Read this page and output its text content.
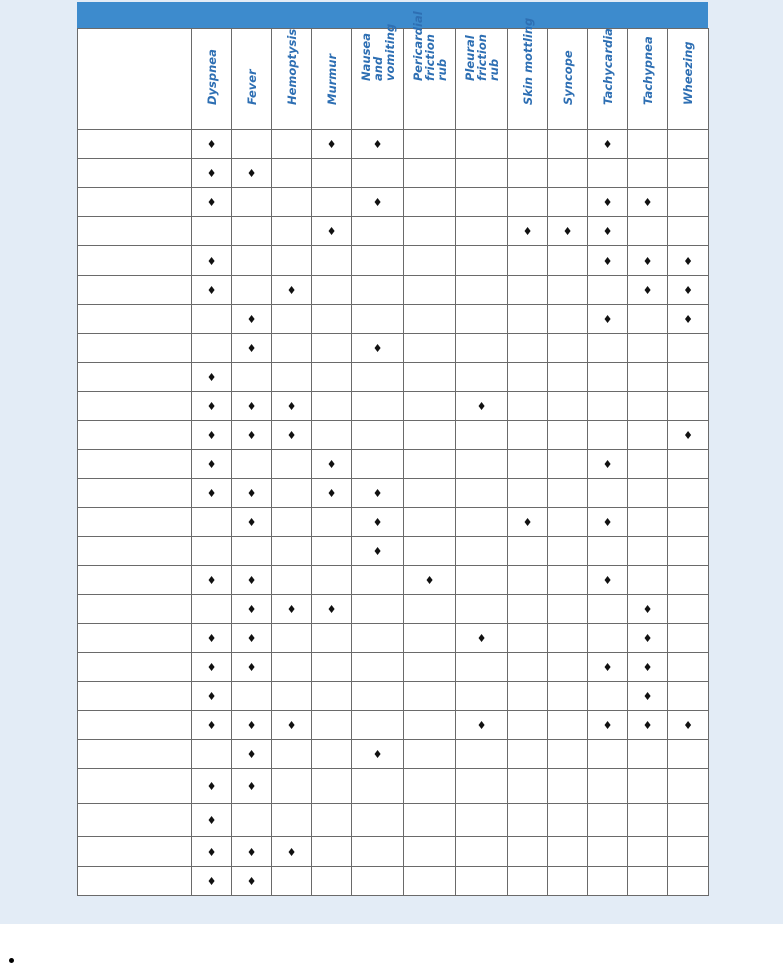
	Dyspnea	Fever	Hemoptysis	Murmur	Nausea and vomiting	Pericardial friction rub	Pleural friction rub	Skin mottling	Syncope	Tachycardia	Tachypnea	Wheezing

	♦			♦	♦					♦		
	♦	♦										
	♦				♦					♦	♦	
				♦				♦	♦	♦		
	♦									♦	♦	♦
	♦		♦								♦	♦
		♦								♦		♦
		♦			♦							
	♦											
	♦	♦	♦				♦					
	♦	♦	♦									♦
	♦			♦						♦		
	♦	♦		♦	♦							
		♦			♦			♦		♦		
					♦							
	♦	♦				♦				♦		
		♦	♦	♦							♦	
	♦	♦					♦				♦	
	♦	♦								♦	♦	
	♦										♦	
	♦	♦	♦				♦			♦	♦	♦
		♦			♦							
	♦	♦										
	♦											
	♦	♦	♦									
	♦	♦										
